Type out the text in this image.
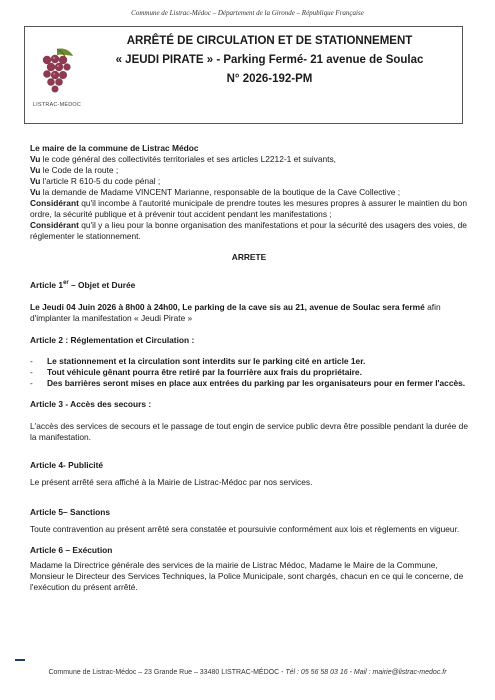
Commune de Listrac-Médoc – Département de la Gironde – République Française
LISTRAC-MÉDOC
ARRÊTÉ DE CIRCULATION ET DE STATIONNEMENT
« JEUDI PIRATE » - Parking Fermé- 21 avenue de Soulac
N° 2026-192-PM

Le maire de la commune de Listrac Médoc

Vu le code général des collectivités territoriales et ses articles L2212-1 et suivants,

Vu le Code de la route ;

Vu l'article R 610-5 du code pénal ;

Vu la demande de Madame VINCENT Marianne, responsable de la boutique de la Cave Collective ;

Considérant qu'il incombe à l'autorité municipale de prendre toutes les mesures propres à assurer le maintien du bon ordre, la sécurité publique et à prévenir tout accident pendant les manifestations ;

Considérant qu'il y a lieu pour la bonne organisation des manifestations et pour la sécurité des usagers des voies, de réglementer le stationnement.

ARRETE

Article 1er – Objet et Durée

Le Jeudi 04 Juin 2026 à 8h00 à 24h00, Le parking de la cave sis au 21, avenue de Soulac sera fermé afin d'implanter la manifestation « Jeudi Pirate »

Article 2 : Réglementation et Circulation :

- Le stationnement et la circulation sont interdits sur le parking cité en article 1er.
- Tout véhicule gênant pourra être retiré par la fourrière aux frais du propriétaire.
- Des barrières seront mises en place aux entrées du parking par les organisateurs pour en fermer l'accès.

Article 3 - Accès des secours :

L'accès des services de secours et le passage de tout engin de service public devra être possible pendant la durée de la manifestation.

Article 4- Publicité

Le présent arrêté sera affiché à la Mairie de Listrac-Médoc par nos services.

Article 5– Sanctions

Toute contravention au présent arrêté sera constatée et poursuivie conformément aux lois et règlements en vigueur.

Article 6 – Exécution

Madame la Directrice générale des services de la mairie de Listrac Médoc, Madame le Maire de la Commune, Monsieur le Directeur des Services Techniques, la Police Municipale, sont chargés, chacun en ce qui le concerne, de l'exécution du présent arrêté.

Commune de Listrac-Médoc – 23 Grande Rue – 33480 LISTRAC-MÉDOC - Tél : 05 56 58 03 16 - Mail : mairie@listrac-medoc.fr
